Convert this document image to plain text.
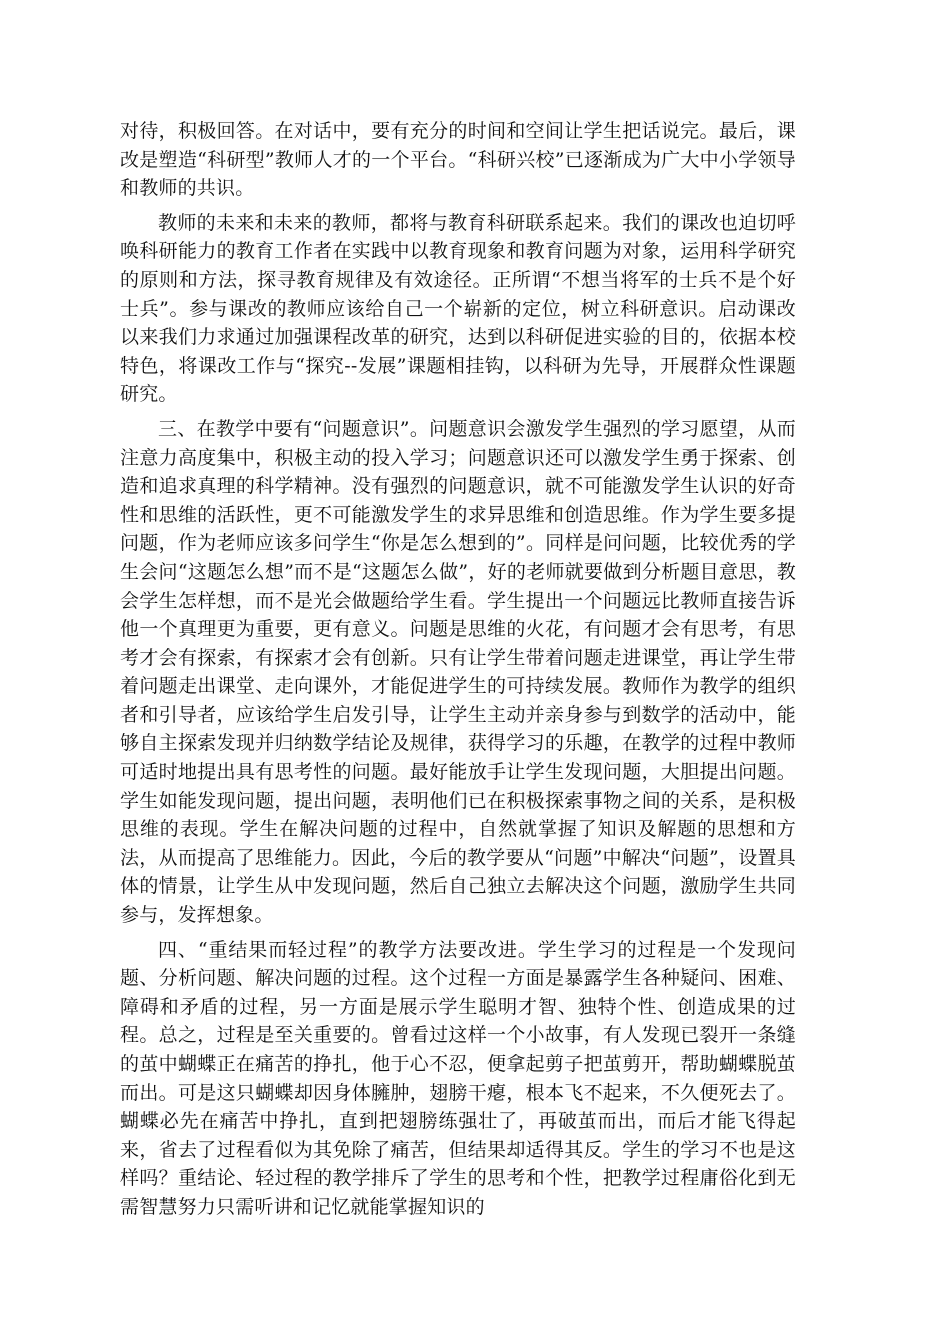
对待，积极回答。在对话中，要有充分的时间和空间让学生把话说完。最后，课改是塑造“科研型”教师人才的一个平台。“科研兴校”已逐渐成为广大中小学领导和教师的共识。

教师的未来和未来的教师，都将与教育科研联系起来。我们的课改也迫切呼唤科研能力的教育工作者在实践中以教育现象和教育问题为对象，运用科学研究的原则和方法，探寻教育规律及有效途径。正所谓“不想当将军的士兵不是个好士兵”。参与课改的教师应该给自己一个崭新的定位，树立科研意识。启动课改以来我们力求通过加强课程改革的研究，达到以科研促进实验的目的，依据本校特色，将课改工作与“探究--发展”课题相挂钩，以科研为先导，开展群众性课题研究。

三、在教学中要有“问题意识”。问题意识会激发学生强烈的学习愿望，从而注意力高度集中，积极主动的投入学习；问题意识还可以激发学生勇于探索、创造和追求真理的科学精神。没有强烈的问题意识，就不可能激发学生认识的好奇性和思维的活跃性，更不可能激发学生的求异思维和创造思维。作为学生要多提问题，作为老师应该多问学生“你是怎么想到的”。同样是问问题，比较优秀的学生会问“这题怎么想”而不是“这题怎么做”，好的老师就要做到分析题目意思，教会学生怎样想，而不是光会做题给学生看。学生提出一个问题远比教师直接告诉他一个真理更为重要，更有意义。问题是思维的火花，有问题才会有思考，有思考才会有探索，有探索才会有创新。只有让学生带着问题走进课堂，再让学生带着问题走出课堂、走向课外，才能促进学生的可持续发展。教师作为教学的组织者和引导者，应该给学生启发引导，让学生主动并亲身参与到数学的活动中，能够自主探索发现并归纳数学结论及规律，获得学习的乐趣，在教学的过程中教师可适时地提出具有思考性的问题。最好能放手让学生发现问题，大胆提出问题。学生如能发现问题，提出问题，表明他们已在积极探索事物之间的关系，是积极思维的表现。学生在解决问题的过程中，自然就掌握了知识及解题的思想和方法，从而提高了思维能力。因此，今后的教学要从“问题”中解决“问题”，设置具体的情景，让学生从中发现问题，然后自己独立去解决这个问题，激励学生共同参与，发挥想象。

四、“重结果而轻过程”的教学方法要改进。学生学习的过程是一个发现问题、分析问题、解决问题的过程。这个过程一方面是暴露学生各种疑问、困难、障碍和矛盾的过程，另一方面是展示学生聪明才智、独特个性、创造成果的过程。总之，过程是至关重要的。曾看过这样一个小故事，有人发现已裂开一条缝的茧中蝴蝶正在痛苦的挣扎，他于心不忍，便拿起剪子把茧剪开，帮助蝴蝶脱茧而出。可是这只蝴蝶却因身体臃肿，翅膀干瘪，根本飞不起来，不久便死去了。蝴蝶必先在痛苦中挣扎，直到把翅膀练强壮了，再破茧而出，而后才能飞得起来，省去了过程看似为其免除了痛苦，但结果却适得其反。学生的学习不也是这样吗？重结论、轻过程的教学排斥了学生的思考和个性，把教学过程庸俗化到无需智慧努力只需听讲和记忆就能掌握知识的
